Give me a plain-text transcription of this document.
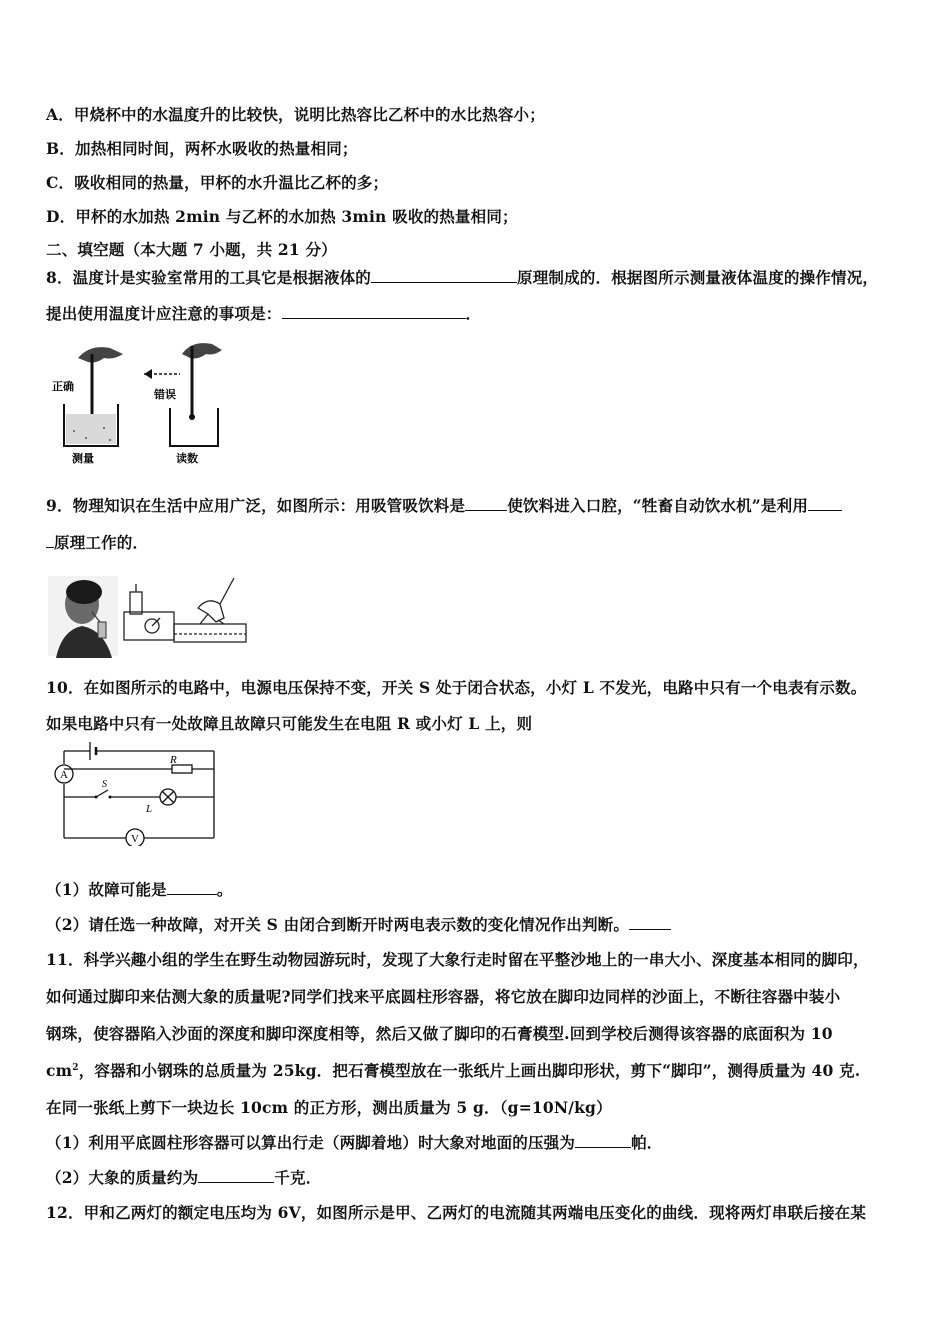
A．甲烧杯中的水温度升的比较快，说明比热容比乙杯中的水比热容小；
B．加热相同时间，两杯水吸收的热量相同；
C．吸收相同的热量，甲杯的水升温比乙杯的多；
D．甲杯的水加热 2min 与乙杯的水加热 3min 吸收的热量相同；
二、填空题（本大题 7 小题，共 21 分）
8．温度计是实验室常用的工具它是根据液体的	原理制成的．根据图所示测量液体温度的操作情况，
提出使用温度计应注意的事项是：	．
正确
测量
错误
读数
9．物理知识在生活中应用广泛，如图所示：用吸管吸饮料是	使饮料进入口腔，“牲畜自动饮水机”是利用
原理工作的．
10．在如图所示的电路中，电源电压保持不变，开关 S 处于闭合状态，小灯 L 不发光，电路中只有一个电表有示数。
如果电路中只有一处故障且故障只可能发生在电阻 R 或小灯 L 上，则
A
V
R
S
L
（1）故障可能是	。
（2）请任选一种故障，对开关 S 由闭合到断开时两电表示数的变化情况作出判断。
11．科学兴趣小组的学生在野生动物园游玩时，发现了大象行走时留在平整沙地上的一串大小、深度基本相同的脚印，
如何通过脚印来估测大象的质量呢?同学们找来平底圆柱形容器，将它放在脚印边同样的沙面上，不断往容器中装小
钢珠，使容器陷入沙面的深度和脚印深度相等，然后又做了脚印的石膏模型.回到学校后测得该容器的底面积为 10
$cm^2$，容器和小钢珠的总质量为 25kg．把石膏模型放在一张纸片上画出脚印形状，剪下“脚印”，测得质量为 40 克.
在同一张纸上剪下一块边长 10cm 的正方形，测出质量为 5 g．（g=10N/kg）
（1）利用平底圆柱形容器可以算出行走（两脚着地）时大象对地面的压强为	帕．
（2）大象的质量约为	千克．
12．甲和乙两灯的额定电压均为 6V，如图所示是甲、乙两灯的电流随其两端电压变化的曲线．现将两灯串联后接在某
